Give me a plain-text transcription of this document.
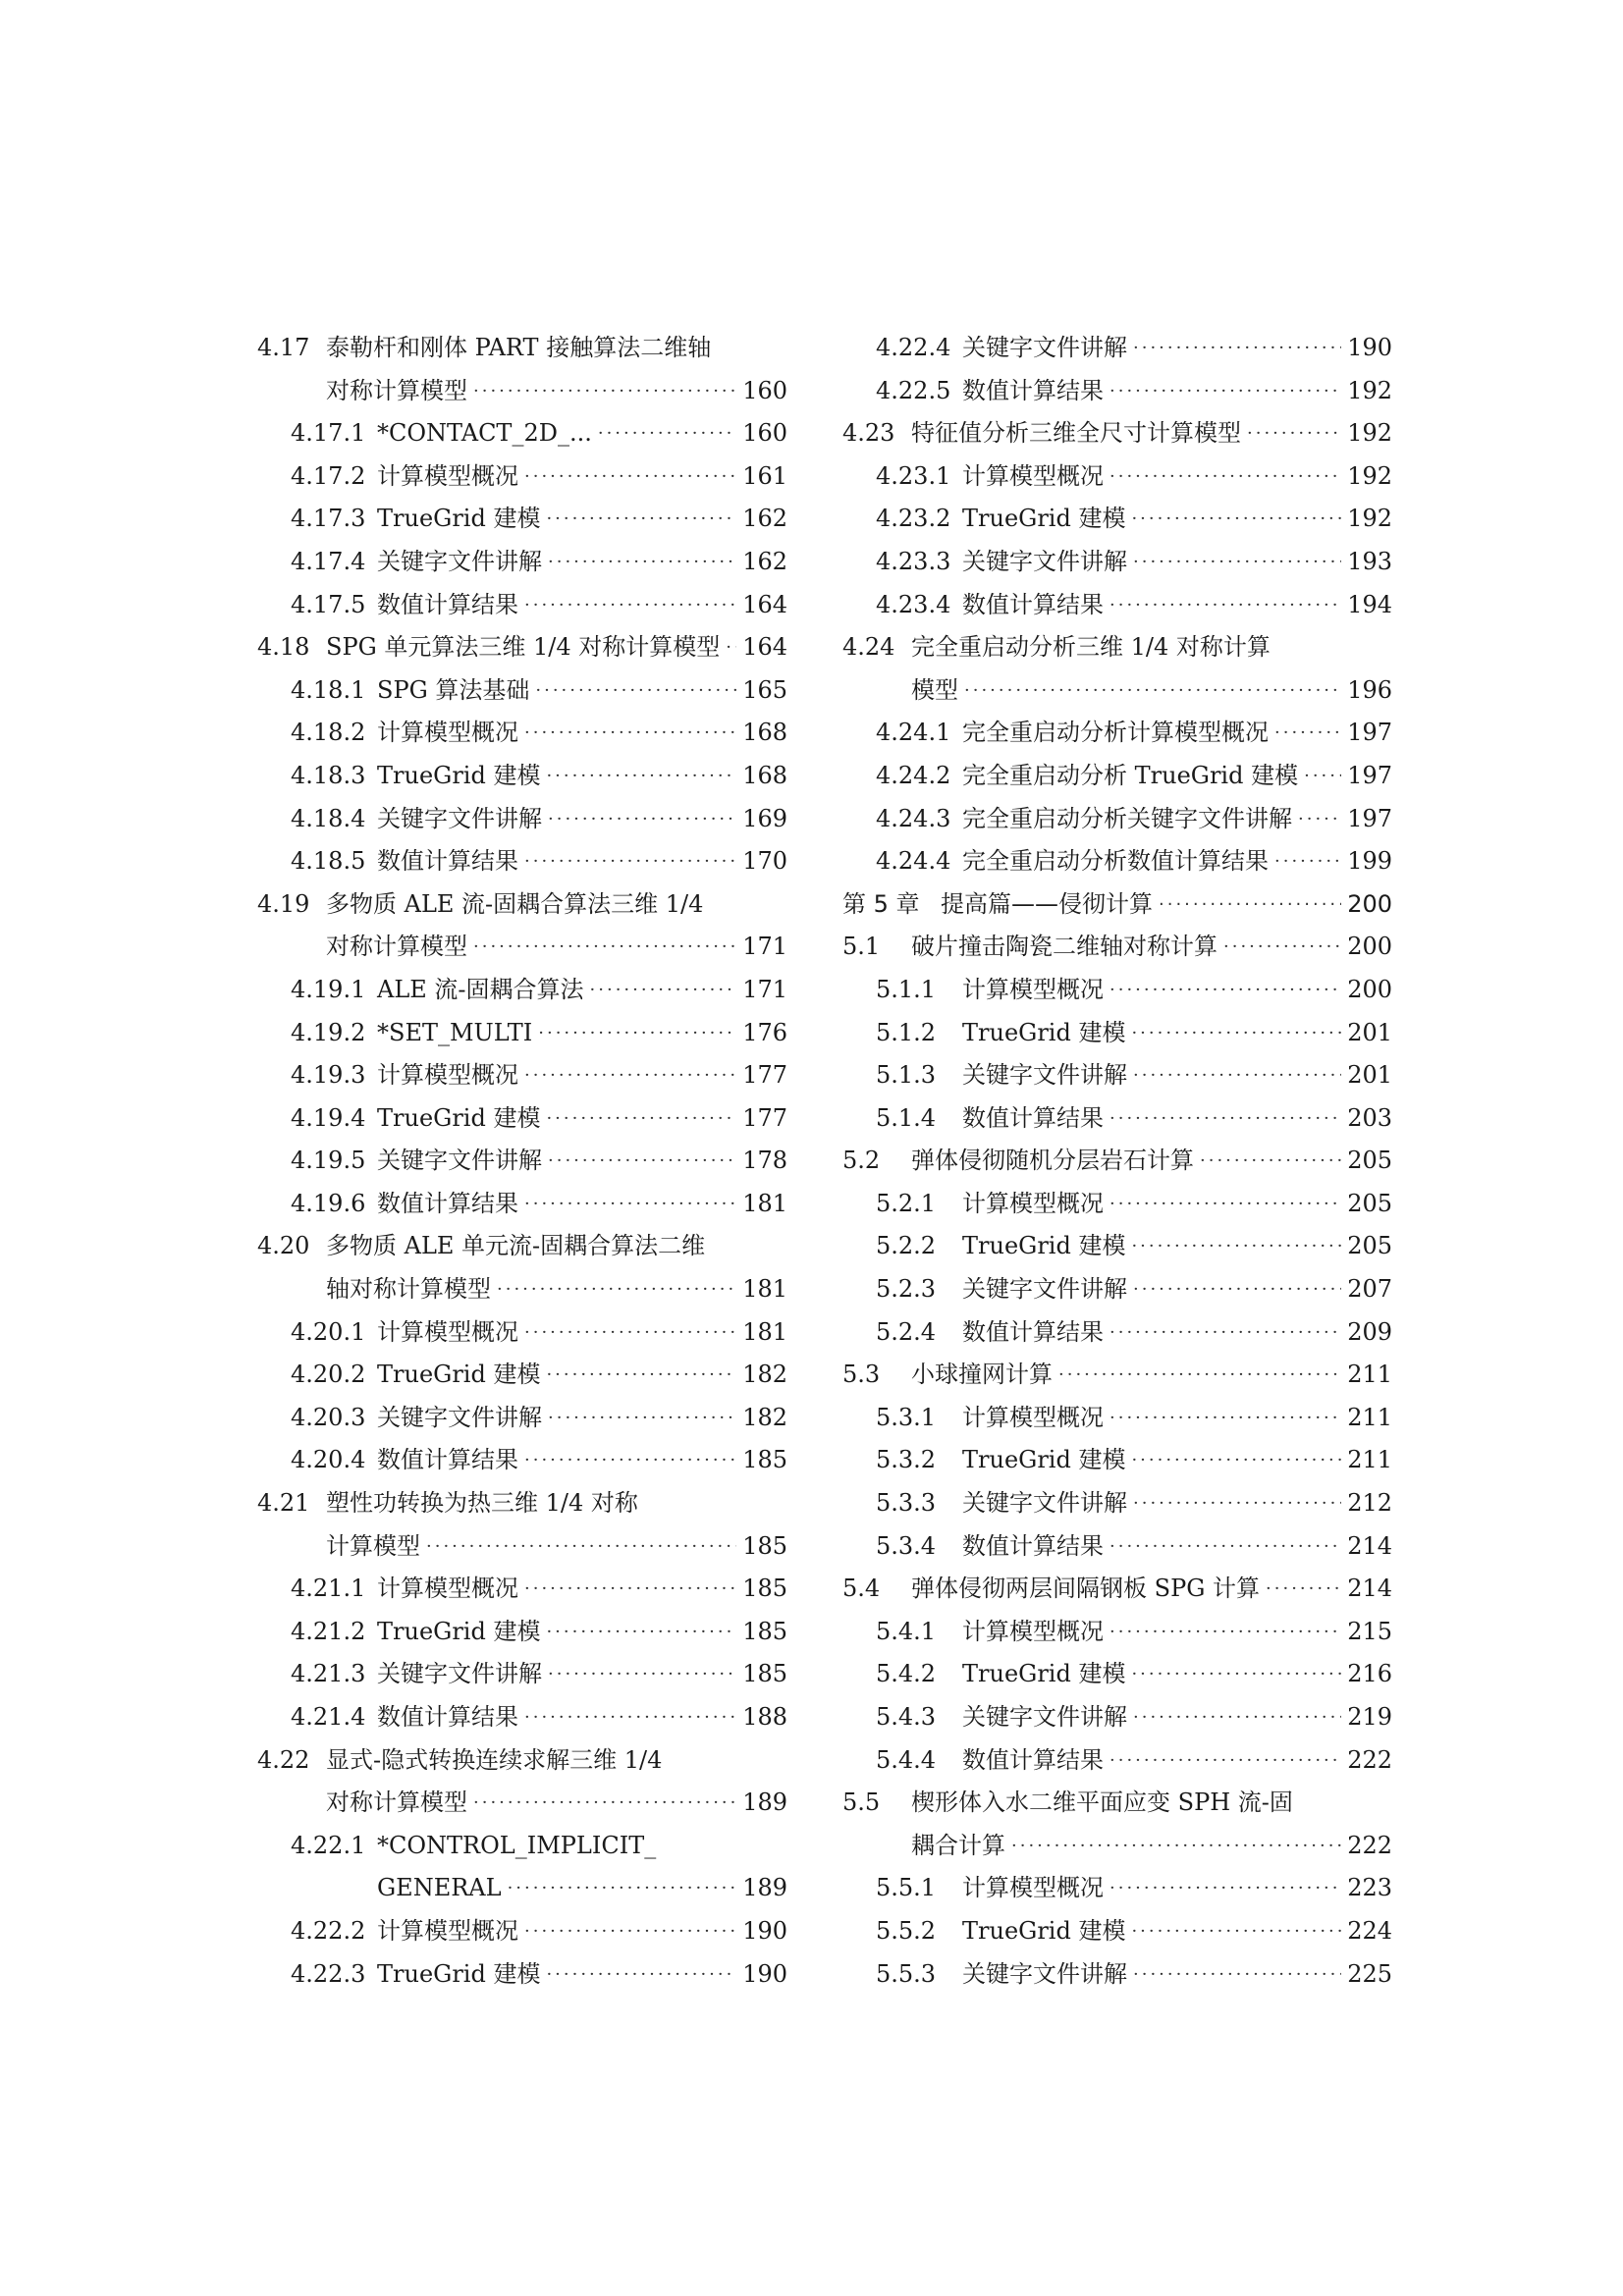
4.17 泰勒杆和刚体 PART 接触算法二维轴
对称计算模型 ·····	160
4.17.1 *CONTACT_2D_... ·····	160
4.17.2 计算模型概况 ·····	161
4.17.3 TrueGrid 建模 ·····	162
4.17.4 关键字文件讲解 ·····	162
4.17.5 数值计算结果 ·····	164
4.18 SPG 单元算法三维 1/4 对称计算模型 ····· 164
4.18.1 SPG 算法基础 ·····	165
4.18.2 计算模型概况 ·····	168
4.18.3 TrueGrid 建模 ·····	168
4.18.4 关键字文件讲解 ·····	169
4.18.5 数值计算结果 ·····	170
4.19 多物质 ALE 流-固耦合算法三维 1/4
对称计算模型 ·····	171
4.19.1 ALE 流-固耦合算法 ·····	171
4.19.2 *SET_MULTI ·····	176
4.19.3 计算模型概况 ·····	177
4.19.4 TrueGrid 建模 ·····	177
4.19.5 关键字文件讲解 ·····	178
4.19.6 数值计算结果 ·····	181
4.20 多物质 ALE 单元流-固耦合算法二维
轴对称计算模型 ·····	181
4.20.1 计算模型概况 ·····	181
4.20.2 TrueGrid 建模 ·····	182
4.20.3 关键字文件讲解 ·····	182
4.20.4 数值计算结果 ·····	185
4.21 塑性功转换为热三维 1/4 对称
计算模型 ·····	185
4.21.1 计算模型概况 ·····	185
4.21.2 TrueGrid 建模 ·····	185
4.21.3 关键字文件讲解 ·····	185
4.21.4 数值计算结果 ·····	188
4.22 显式-隐式转换连续求解三维 1/4
对称计算模型 ·····	189
4.22.1 *CONTROL_IMPLICIT_
GENERAL ·····	189
4.22.2 计算模型概况 ·····	190
4.22.3 TrueGrid 建模 ·····	190
4.22.4 关键字文件讲解 ·····	190
4.22.5 数值计算结果 ·····	192
4.23 特征值分析三维全尺寸计算模型 ·····	192
4.23.1 计算模型概况 ·····	192
4.23.2 TrueGrid 建模 ·····	192
4.23.3 关键字文件讲解 ·····	193
4.23.4 数值计算结果 ·····	194
4.24 完全重启动分析三维 1/4 对称计算
模型 ·····	196
4.24.1 完全重启动分析计算模型概况 ·····	197
4.24.2 完全重启动分析 TrueGrid 建模 ····· 197
4.24.3 完全重启动分析关键字文件讲解 ····· 197
4.24.4 完全重启动分析数值计算结果 ·····	199
第 5 章 提高篇——侵彻计算 ·····	200
5.1	破片撞击陶瓷二维轴对称计算 ·····	200
5.1.1	计算模型概况 ·····	200
5.1.2	TrueGrid 建模 ·····	201
5.1.3	关键字文件讲解 ·····	201
5.1.4	数值计算结果 ·····	203
5.2	弹体侵彻随机分层岩石计算 ·····	205
5.2.1	计算模型概况 ·····	205
5.2.2	TrueGrid 建模 ·····	205
5.2.3	关键字文件讲解 ·····	207
5.2.4	数值计算结果 ·····	209
5.3	小球撞网计算 ·····	211
5.3.1	计算模型概况 ·····	211
5.3.2	TrueGrid 建模 ·····	211
5.3.3	关键字文件讲解 ·····	212
5.3.4	数值计算结果 ·····	214
5.4	弹体侵彻两层间隔钢板 SPG 计算 ·····	214
5.4.1	计算模型概况 ·····	215
5.4.2	TrueGrid 建模 ·····	216
5.4.3	关键字文件讲解 ·····	219
5.4.4	数值计算结果 ·····	222
5.5	楔形体入水二维平面应变 SPH 流-固
耦合计算 ·····	222
5.5.1	计算模型概况 ·····	223
5.5.2	TrueGrid 建模 ·····	224
5.5.3	关键字文件讲解 ·····	225
